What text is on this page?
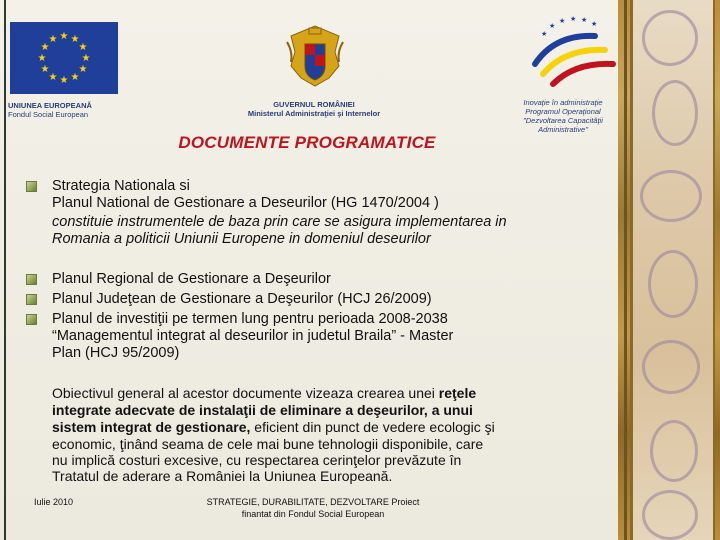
★ ★
★
★
★
★
★
★
★
★
★
★
UNIUNEA EUROPEANĂ
Fondul Social European
GUVERNUL ROMÂNIEI
Ministerul Administraţiei şi Internelor
★
★ ★ ★ ★
★
Inovaţie în administraţie
Programul Operaţional
"Dezvoltarea Capacităţii
Administrative"
DOCUMENTE PROGRAMATICE
Strategia Nationala si
Planul National de Gestionare a Deseurilor (HG 1470/2004 )
constituie instrumentele de baza prin care se asigura implementarea in
Romania a politicii Uniunii Europene in domeniul deseurilor
Planul Regional de Gestionare a Deşeurilor
Planul Judeţean de Gestionare a Deşeurilor (HCJ 26/2009)
Planul de investiţii pe termen lung pentru perioada 2008-2038
“Managementul integrat al deseurilor in judetul Braila” - Master
Plan (HCJ 95/2009)
Obiectivul general al acestor documente vizeaza crearea unei reţele
integrate adecvate de instalaţii de eliminare a deşeurilor, a unui
sistem integrat de gestionare, eficient din punct de vedere ecologic şi
economic, ţinând seama de cele mai bune tehnologii disponibile, care
nu implică costuri excesive, cu respectarea cerinţelor prevăzute în
Tratatul de aderare a României la Uniunea Europeană.
Iulie 2010	STRATEGIE, DURABILITATE, DEZVOLTARE Proiect
finantat din Fondul Social European
